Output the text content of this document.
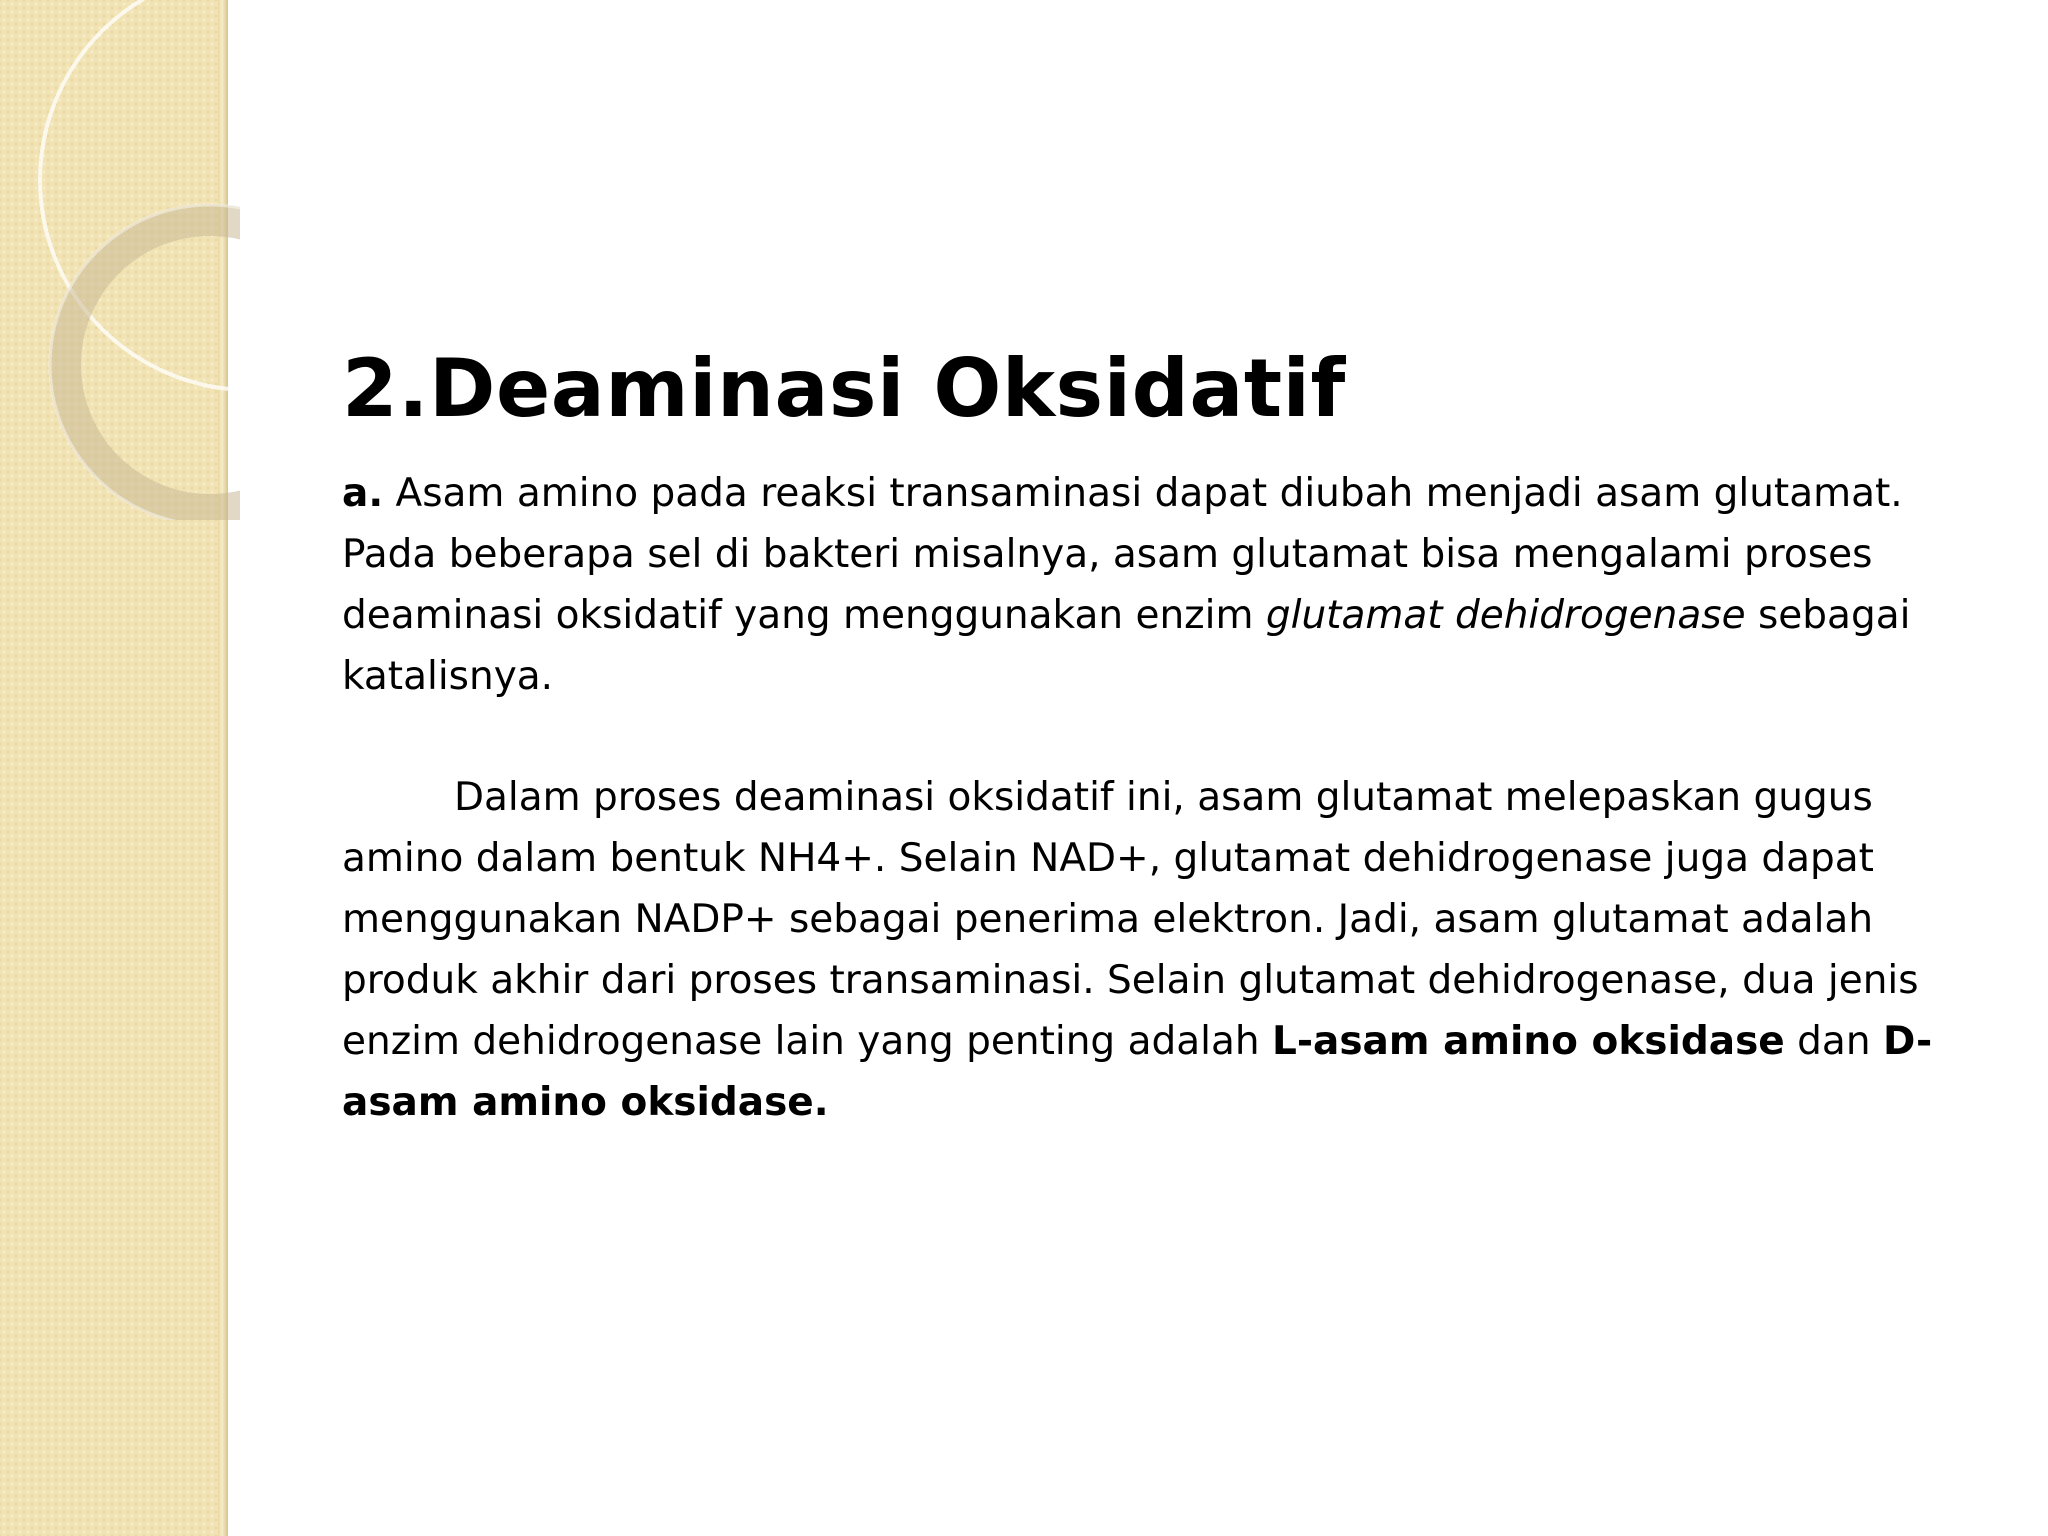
2.Deaminasi Oksidatif

a. Asam amino pada reaksi transaminasi dapat diubah menjadi asam glutamat. Pada beberapa sel di bakteri misalnya, asam glutamat bisa mengalami proses deaminasi oksidatif yang menggunakan enzim glutamat dehidrogenase sebagai katalisnya.

Dalam proses deaminasi oksidatif ini, asam glutamat melepaskan gugus amino dalam bentuk NH4+. Selain NAD+, glutamat dehidrogenase juga dapat menggunakan NADP+ sebagai penerima elektron. Jadi, asam glutamat adalah produk akhir dari proses transaminasi. Selain glutamat dehidrogenase, dua jenis enzim dehidrogenase lain yang penting adalah L-asam amino oksidase dan D-asam amino oksidase.
